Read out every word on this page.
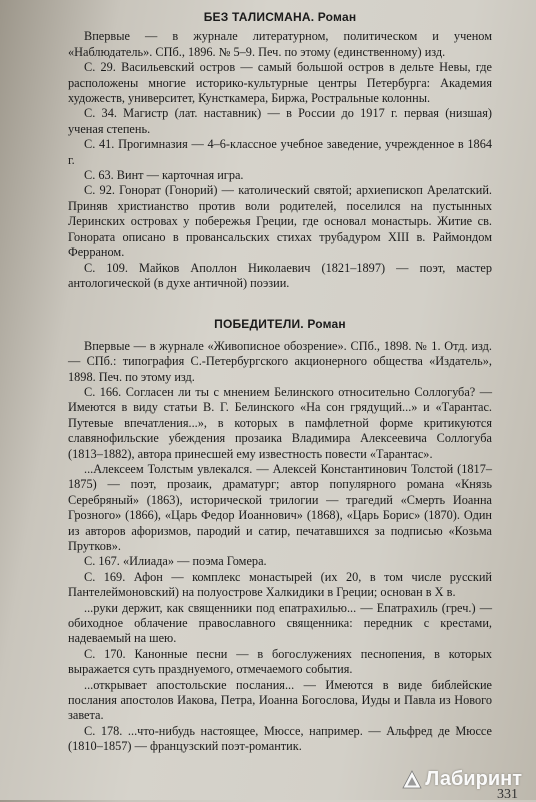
БЕЗ ТАЛИСМАНА. Роман

Впервые — в журнале литературном, политическом и ученом «Наблюдатель». СПб., 1896. № 5–9. Печ. по этому (единственному) изд.

С. 29. Васильевский остров — самый большой остров в дельте Невы, где расположены многие историко-культурные центры Петербурга: Академия художеств, университет, Кунсткамера, Биржа, Ростральные колонны.

С. 34. Магистр (лат. наставник) — в России до 1917 г. первая (низшая) ученая степень.

С. 41. Прогимназия — 4–6-классное учебное заведение, учрежденное в 1864 г.

С. 63. Винт — карточная игра.

С. 92. Гонорат (Гонорий) — католический святой; архиепископ Арелатский. Приняв христианство против воли родителей, поселился на пустынных Леринских островах у побережья Греции, где основал монастырь. Житие св. Гонората описано в провансальских стихах трубадуром XIII в. Раймондом Ферраном.

С. 109. Майков Аполлон Николаевич (1821–1897) — поэт, мастер антологической (в духе античной) поэзии.

ПОБЕДИТЕЛИ. Роман

Впервые — в журнале «Живописное обозрение». СПб., 1898. № 1. Отд. изд. — СПб.: типография С.-Петербургского акционерного общества «Издатель», 1898. Печ. по этому изд.

С. 166. Согласен ли ты с мнением Белинского относительно Соллогуба? — Имеются в виду статьи В. Г. Белинского «На сон грядущий...» и «Тарантас. Путевые впечатления...», в которых в памфлетной форме критикуются славянофильские убеждения прозаика Владимира Алексеевича Соллогуба (1813–1882), автора принесшей ему известность повести «Тарантас».

...Алексеем Толстым увлекался. — Алексей Константинович Толстой (1817–1875) — поэт, прозаик, драматург; автор популярного романа «Князь Серебряный» (1863), исторической трилогии — трагедий «Смерть Иоанна Грозного» (1866), «Царь Федор Иоаннович» (1868), «Царь Борис» (1870). Один из авторов афоризмов, пародий и сатир, печатавшихся за подписью «Козьма Прутков».

С. 167. «Илиада» — поэма Гомера.

С. 169. Афон — комплекс монастырей (их 20, в том числе русский Пантелеймоновский) на полуострове Халкидики в Греции; основан в X в.

...руки держит, как священники под епатрахилью... — Епатрахиль (греч.) — обиходное облачение православного священника: передник с крестами, надеваемый на шею.

С. 170. Канонные песни — в богослужениях песнопения, в которых выражается суть празднуемого, отмечаемого события.

...открывает апостольские послания... — Имеются в виде библейские послания апостолов Иакова, Петра, Иоанна Богослова, Иуды и Павла из Нового завета.

С. 178. ...что-нибудь настоящее, Мюссе, например. — Альфред де Мюссе (1810–1857) — французский поэт-романтик.

331
Лабиринт
